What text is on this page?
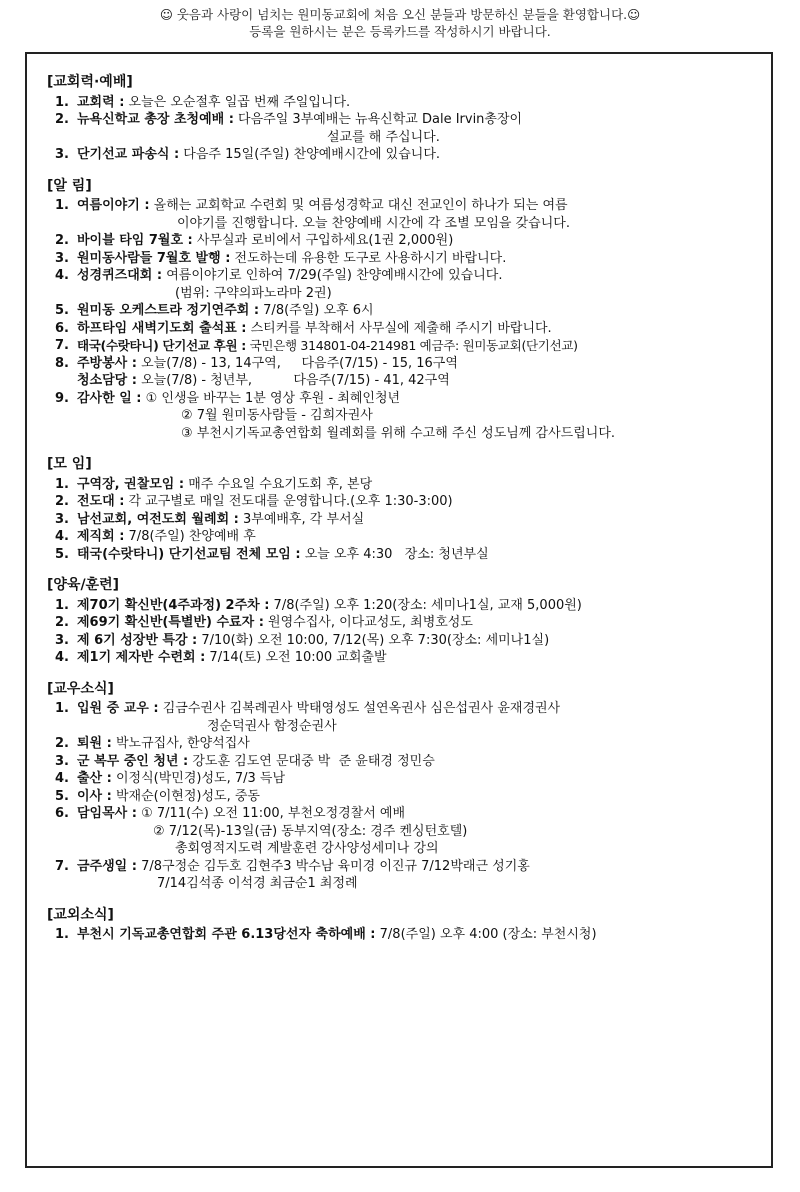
☺ 웃음과 사랑이 넘치는 원미동교회에 처음 오신 분들과 방문하신 분들을 환영합니다.☺
등록을 원하시는 분은 등록카드를 작성하시기 바랍니다.
[교회력·예배]
1. 교회력 : 오늘은 오순절후 일곱 번째 주일입니다.
2. 뉴욕신학교 총장 초청예배 : 다음주일 3부예배는 뉴욕신학교 Dale Irvin총장이
설교를 해 주십니다.
3. 단기선교 파송식 : 다음주 15일(주일) 찬양예배시간에 있습니다.
[알 림]
1. 여름이야기 : 올해는 교회학교 수련회 및 여름성경학교 대신 전교인이 하나가 되는 여름
이야기를 진행합니다. 오늘 찬양예배 시간에 각 조별 모임을 갖습니다.
2. 바이블 타임 7월호 : 사무실과 로비에서 구입하세요(1권 2,000원)
3. 원미동사람들 7월호 발행 : 전도하는데 유용한 도구로 사용하시기 바랍니다.
4. 성경퀴즈대회 : 여름이야기로 인하여 7/29(주일) 찬양예배시간에 있습니다.
(범위: 구약의파노라마 2권)
5. 원미동 오케스트라 정기연주회 : 7/8(주일) 오후 6시
6. 하프타임 새벽기도회 출석표 : 스티커를 부착해서 사무실에 제출해 주시기 바랍니다.
7. 태국(수랏타니) 단기선교 후원 : 국민은행 314801-04-214981 예금주: 원미동교회(단기선교)
8. 주방봉사 : 오늘(7/8) - 13, 14구역,     다음주(7/15) - 15, 16구역
청소담당 : 오늘(7/8) - 청년부,          다음주(7/15) - 41, 42구역
9. 감사한 일 : ① 인생을 바꾸는 1분 영상 후원 - 최혜인청년
② 7월 원미동사람들 - 김희자권사
③ 부천시기독교총연합회 월례회를 위해 수고해 주신 성도님께 감사드립니다.
[모 임]
1. 구역장, 권찰모임 : 매주 수요일 수요기도회 후, 본당
2. 전도대 : 각 교구별로 매일 전도대를 운영합니다.(오후 1:30-3:00)
3. 남선교회, 여전도회 월례회 : 3부예배후, 각 부서실
4. 제직회 : 7/8(주일) 찬양예배 후
5. 태국(수랏타니) 단기선교팀 전체 모임 : 오늘 오후 4:30   장소: 청년부실
[양육/훈련]
1. 제70기 확신반(4주과정) 2주차 : 7/8(주일) 오후 1:20(장소: 세미나1실, 교재 5,000원)
2. 제69기 확신반(특별반) 수료자 : 원영수집사, 이다교성도, 최병호성도
3. 제 6기 성장반 특강 : 7/10(화) 오전 10:00, 7/12(목) 오후 7:30(장소: 세미나1실)
4. 제1기 제자반 수련회 : 7/14(토) 오전 10:00 교회출발
[교우소식]
1. 입원 중 교우 : 김금수권사 김복례권사 박태영성도 설연옥권사 심은섭권사 윤재경권사
정순덕권사 함정순권사
2. 퇴원 : 박노규집사, 한양석집사
3. 군 복무 중인 청년 : 강도훈 김도연 문대중 박  준 윤태경 정민승
4. 출산 : 이정식(박민경)성도, 7/3 득남
5. 이사 : 박재순(이현정)성도, 중동
6. 담임목사 : ① 7/11(수) 오전 11:00, 부천오정경찰서 예배
② 7/12(목)-13일(금) 동부지역(장소: 경주 켄싱턴호텔)
총회영적지도력 계발훈련 강사양성세미나 강의
7. 금주생일 : 7/8구정순 김두호 김현주3 박수남 육미경 이진규 7/12박래근 성기홍
7/14김석종 이석경 최금순1 최정례
[교외소식]
1. 부천시 기독교총연합회 주관 6.13당선자 축하예배 : 7/8(주일) 오후 4:00 (장소: 부천시청)
